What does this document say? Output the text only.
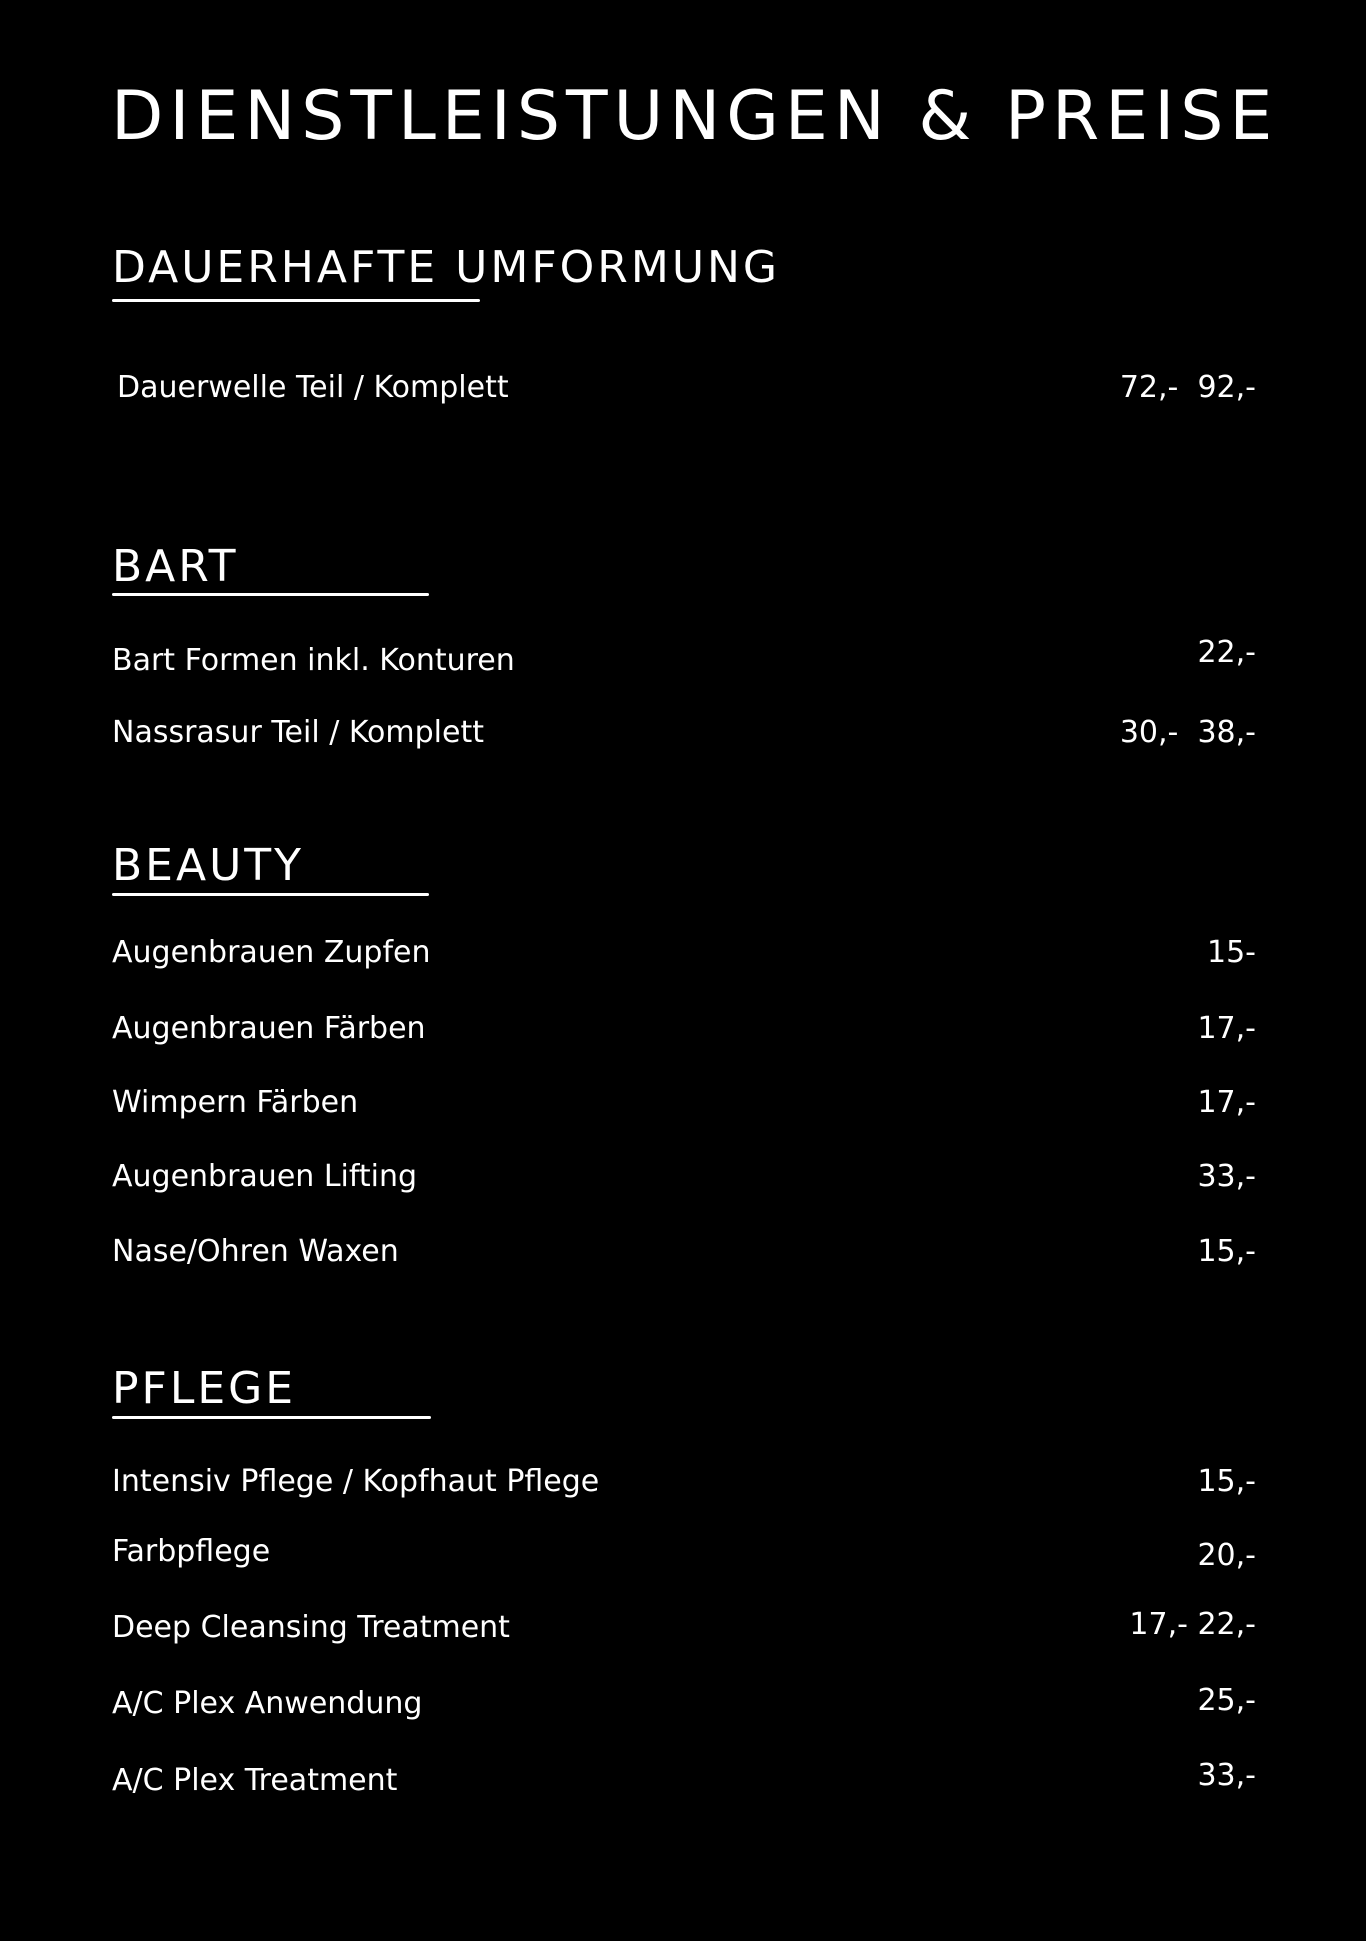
DIENSTLEISTUNGEN & PREISE
DAUERHAFTE UMFORMUNG
Dauerwelle Teil / Komplett	72,-  92,-
BART
Bart Formen inkl. Konturen	22,-
Nassrasur Teil / Komplett	30,-  38,-
BEAUTY
Augenbrauen Zupfen	15-
Augenbrauen Färben	17,-
Wimpern Färben	17,-
Augenbrauen Lifting	33,-
Nase/Ohren Waxen	15,-
PFLEGE
Intensiv Pflege / Kopfhaut Pflege	15,-
Farbpflege	20,-
Deep Cleansing Treatment	17,- 22,-
A/C Plex Anwendung	25,-
A/C Plex Treatment	33,-
